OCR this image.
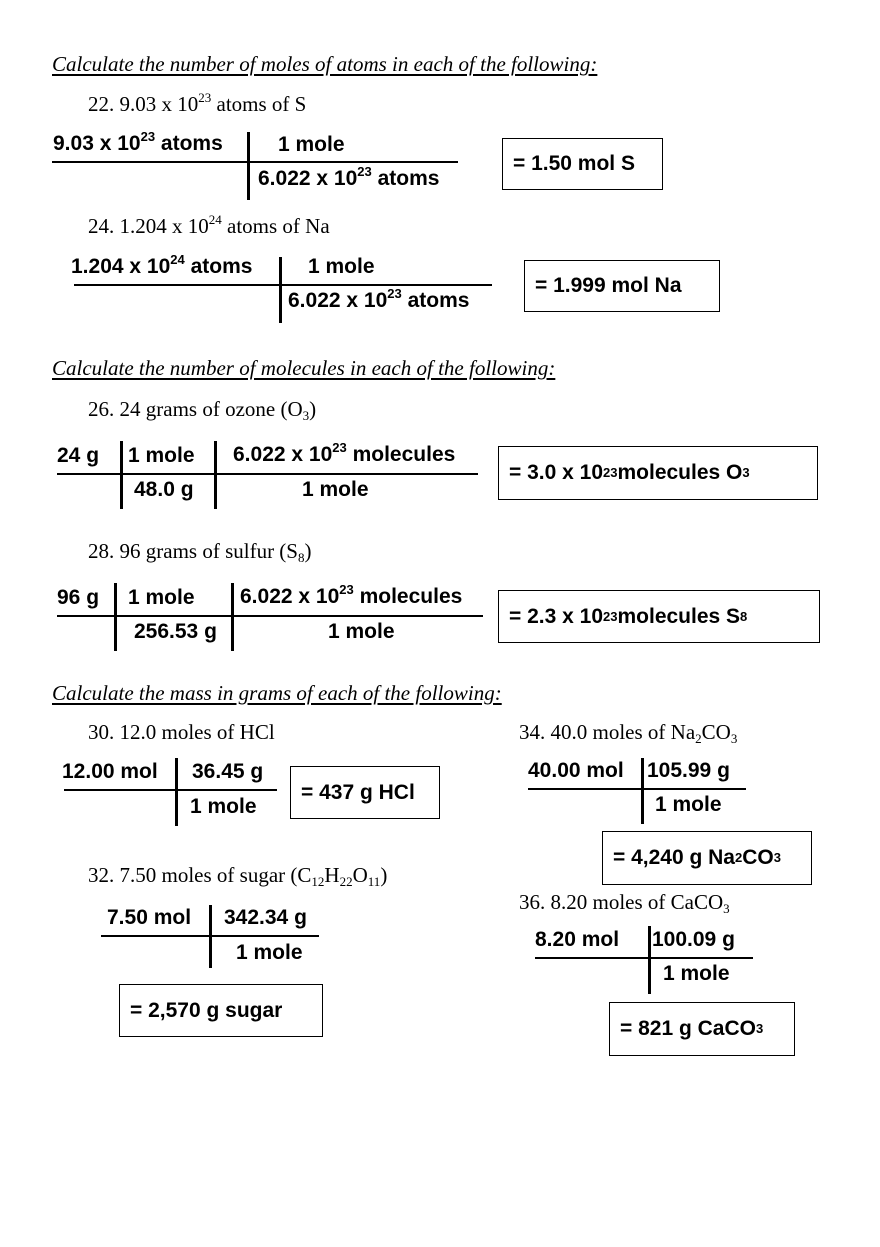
Calculate the number of moles of atoms in each of the following:
22. 9.03 x $10^{23}$ atoms of S
9.03 x $10^{23}$ atoms	1 mole
6.022 x $10^{23}$ atoms
= 1.50 mol S
24. 1.204 x $10^{24}$ atoms of Na
1.204 x $10^{24}$ atoms	1 mole
6.022 x $10^{23}$ atoms
= 1.999 mol Na
Calculate the number of molecules in each of the following:
26. 24 grams of ozone $(O_3)$
24 g 1 mole
48.0 g
6.022 x $10^{23}$ molecules
1 mole
= 3.0 x 10 23 molecules O 3
28. 96 grams of sulfur $(S_8)$
96 g 1 mole
256.53 g
6.022 x $10^{23}$ molecules
1 mole
= 2.3 x 10 23 molecules S 8
Calculate the mass in grams of each of the following:
30. 12.0 moles of HCl
12.00 mol 36.45 g
1 mole
= 437 g HCl
32. 7.50 moles of sugar $(C_{12}H_{22}O_{11})$
7.50 mol 342.34 g
1 mole
= 2,570 g sugar
34. 40.0 moles of $Na_2CO_3$
40.00 mol 105.99 g
1 mole
= 4,240 g Na 2 CO 3
36. 8.20 moles of CaCO$_3$
8.20 mol 100.09 g
1 mole
= 821 g CaCO 3
